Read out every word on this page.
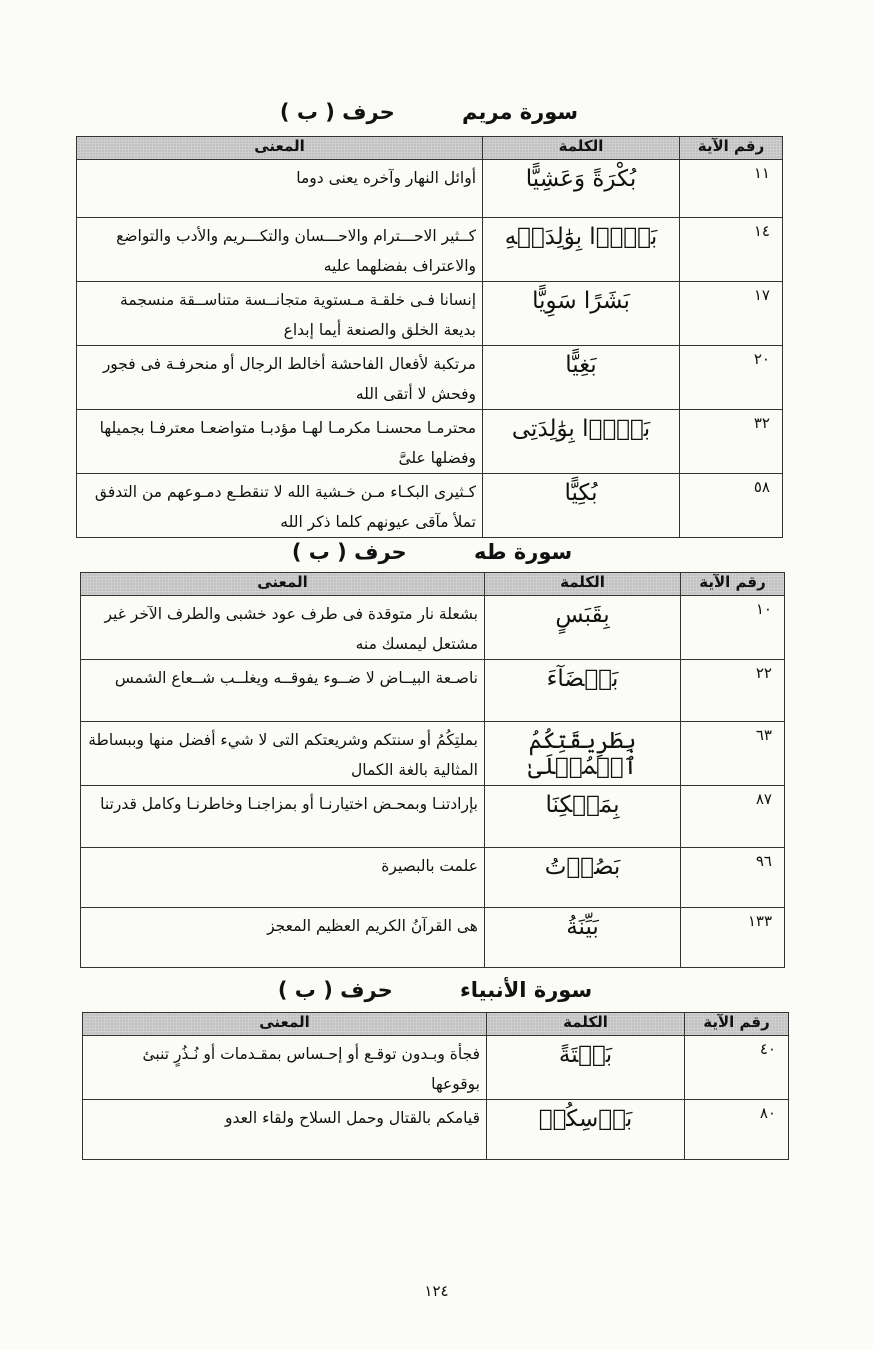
سورة مريم حرف ( ب )
رقم الآية	الكلمة	المعنى
١١	بُكْرَةً وَعَشِيًّا	أوائل النهار وآخره يعنى دوما
١٤	بَرًّۢا بِوَٰلِدَيۡهِ	كــثير الاحـــترام والاحـــسان والتكـــريم والأدب والتواضع والاعتراف بفضلهما عليه
١٧	بَشَرًا سَوِيًّا	إنسانا فـى خلقـة مـستوية متجانــسة متناســقة منسجمة بديعة الخلق والصنعة أيما إبداع
٢٠	بَغِيًّا	مرتكبة لأفعال الفاحشة أخالط الرجال أو منحرفـة فى فجور وفحش لا أتقى الله
٣٢	بَرًّۢا بِوَٰلِدَتِى	محترمـا محسنـا مكرمـا لهـا مؤدبـا متواضعـا معترفـا بجميلها وفضلها علىَّ
٥٨	بُكِيًّا	كـثيرى البكـاء مـن خـشية الله لا تنقطـع دمـوعهم من التدفق تملأ مآقى عيونهم كلما ذكر الله
سورة طه حرف ( ب )
رقم الآية	الكلمة	المعنى
١٠	بِقَبَسٍ	بشعلة نار متوقدة فى طرف عود خشبى والطرف الآخر غير مشتعل ليمسك منه
٢٢	بَيۡضَآءَ	ناصـعة البيــاض لا ضــوء يفوقــه ويغلــب شــعاع الشمس
٦٣	بِطَرِيقَتِكُمُ ٱلۡمُثۡلَىٰ	بملتِكُمُ أو سنتكم وشريعتكم التى لا شيء أفضل منها وببساطة المثالية بالغة الكمال
٨٧	بِمَلۡكِنَا	بإرادتنـا وبمحـض اختيارنـا أو بمزاجنـا وخاطرنـا وكامل قدرتنا
٩٦	بَصُرۡتُ	علمت بالبصيرة
١٣٣	بَيِّنَةُ	هى القرآنُ الكريم العظيم المعجز
سورة الأنبياء حرف ( ب )
رقم الآية	الكلمة	المعنى
٤٠	بَغۡتَةً	فجأة وبـدون توقـع أو إحـساس بمقـدمات أو نُـذُرٍ تنبئ بوقوعها
٨٠	بَأۡسِكُمۡ	قيامكم بالقتال وحمل السلاح ولقاء العدو
١٢٤
